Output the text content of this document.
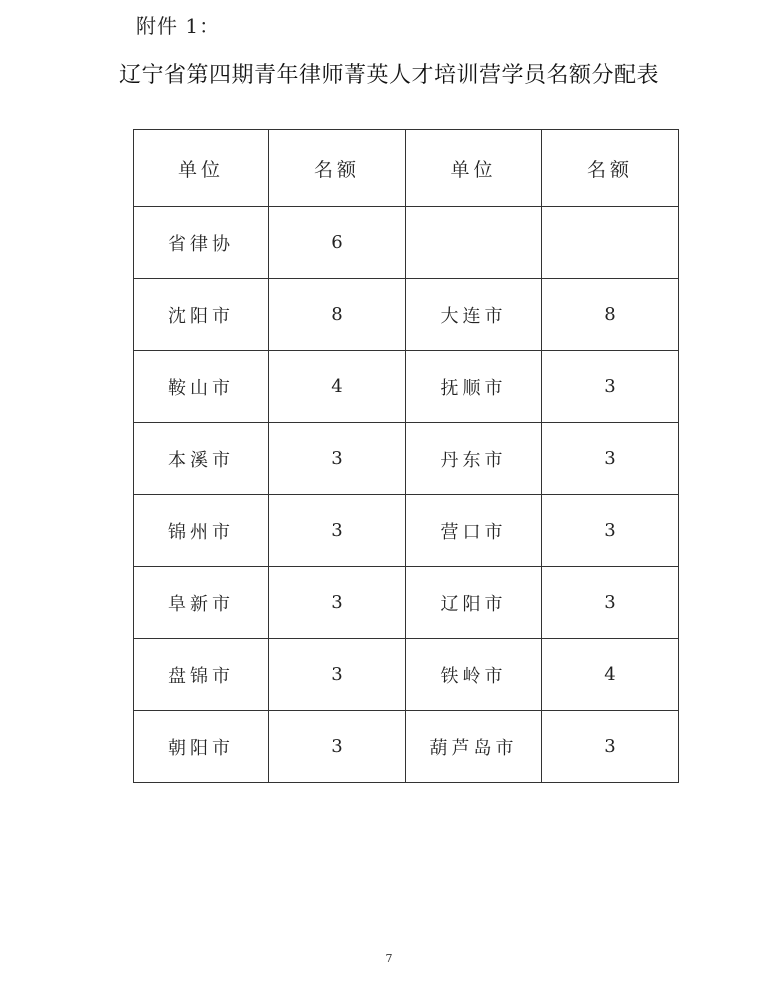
附件 1：
辽宁省第四期青年律师菁英人才培训营学员名额分配表
单位	名额	单位	名额
省律协	6		
沈阳市	8	大连市	8
鞍山市	4	抚顺市	3
本溪市	3	丹东市	3
锦州市	3	营口市	3
阜新市	3	辽阳市	3
盘锦市	3	铁岭市	4
朝阳市	3	葫芦岛市	3
7
